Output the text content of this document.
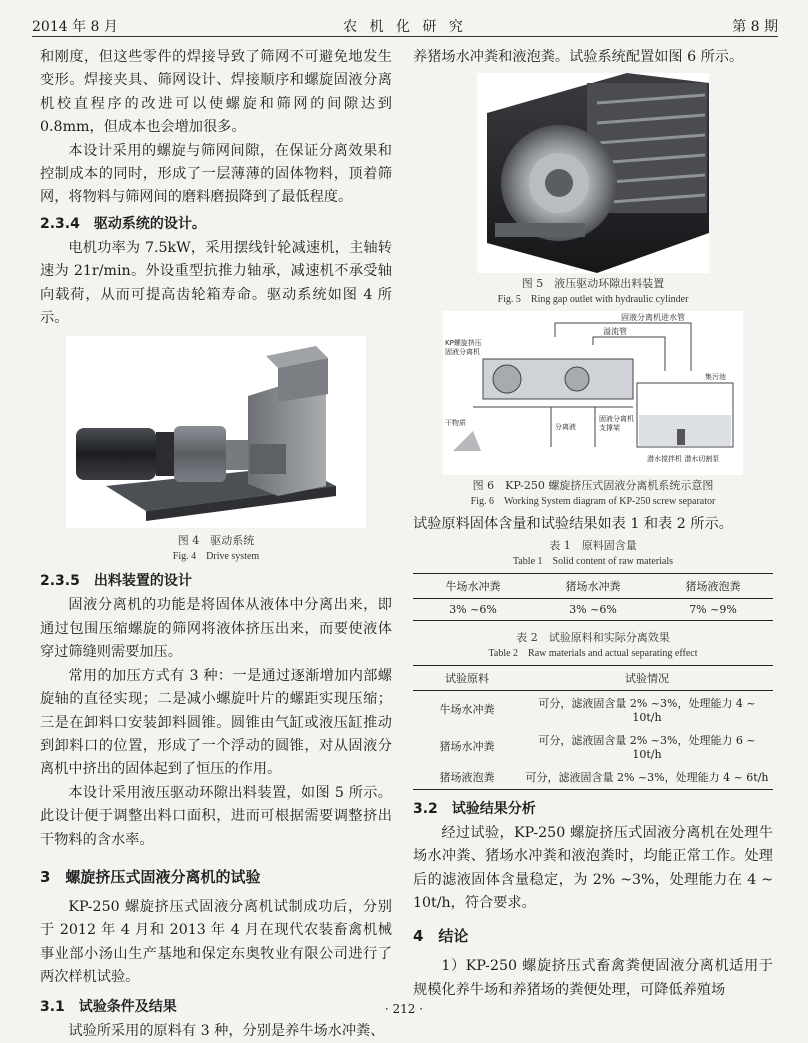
2014 年 8 月	农 机 化 研 究	第 8 期

和刚度，但这些零件的焊接导致了筛网不可避免地发生变形。焊接夹具、筛网设计、焊接顺序和螺旋固液分离机校直程序的改进可以使螺旋和筛网的间隙达到 0.8mm，但成本也会增加很多。

本设计采用的螺旋与筛网间隙，在保证分离效果和控制成本的同时，形成了一层薄薄的固体物料，顶着筛网，将物料与筛网间的磨料磨损降到了最低程度。

2.3.4　驱动系统的设计。

电机功率为 7.5kW，采用摆线针轮减速机，主轴转速为 21r/min。外设重型抗推力轴承，减速机不承受轴向载荷，从而可提高齿轮箱寿命。驱动系统如图 4 所示。

图 4　驱动系统
Fig. 4　Drive system
2.3.5　出料装置的设计

固液分离机的功能是将固体从液体中分离出来，即通过包围压缩螺旋的筛网将液体挤压出来，而要使液体穿过筛缝则需要加压。

常用的加压方式有 3 种：一是通过逐渐增加内部螺旋轴的直径实现；二是减小螺旋叶片的螺距实现压缩；三是在卸料口安装卸料圆锥。圆锥由气缸或液压缸推动到卸料口的位置，形成了一个浮动的圆锥，对从固液分离机中挤出的固体起到了恒压的作用。

本设计采用液压驱动环隙出料装置，如图 5 所示。此设计便于调整出料口面积，进而可根据需要调整挤出干物料的含水率。

3　螺旋挤压式固液分离机的试验

KP-250 螺旋挤压式固液分离机试制成功后，分别于 2012 年 4 月和 2013 年 4 月在现代农装畜禽机械事业部小汤山生产基地和保定东奥牧业有限公司进行了两次样机试验。

3.1　试验条件及结果

试验所采用的原料有 3 种，分别是养牛场水冲粪、

养猪场水冲粪和液泡粪。试验系统配置如图 6 所示。

图 5　液压驱动环隙出料装置
Fig. 5　Ring gap outlet with hydraulic cylinder
固液分离机进水管
KP螺旋挤压
固液分离机
溢流管
集污池
干物质	分离液
固液分离机
支撑架
潜水搅拌机 潜水切割泵
图 6　KP-250 螺旋挤压式固液分离机系统示意图
Fig. 6　Working System diagram of KP-250 screw separator

试验原料固体含量和试验结果如表 1 和表 2 所示。

表 1　原料固含量
Table 1　Solid content of raw materials
牛场水冲粪	猪场水冲粪	猪场液泡粪
3% ~6%	3% ~6%	7% ~9%
表 2　试验原料和实际分离效果
Table 2　Raw materials and actual separating effect
试验原料	试验情况
牛场水冲粪	可分，滤液固含量 2% ~3%，处理能力 4 ~ 10t/h
猪场水冲粪	可分，滤液固含量 2% ~3%，处理能力 6 ~ 10t/h
猪场液泡粪	可分，滤液固含量 2% ~3%，处理能力 4 ~ 6t/h
3.2　试验结果分析

经过试验，KP-250 螺旋挤压式固液分离机在处理牛场水冲粪、猪场水冲粪和液泡粪时，均能正常工作。处理后的滤液固体含量稳定，为 2% ~3%，处理能力在 4 ~ 10t/h，符合要求。

4　结论

1）KP-250 螺旋挤压式畜禽粪便固液分离机适用于规模化养牛场和养猪场的粪便处理，可降低养殖场

· 212 ·
